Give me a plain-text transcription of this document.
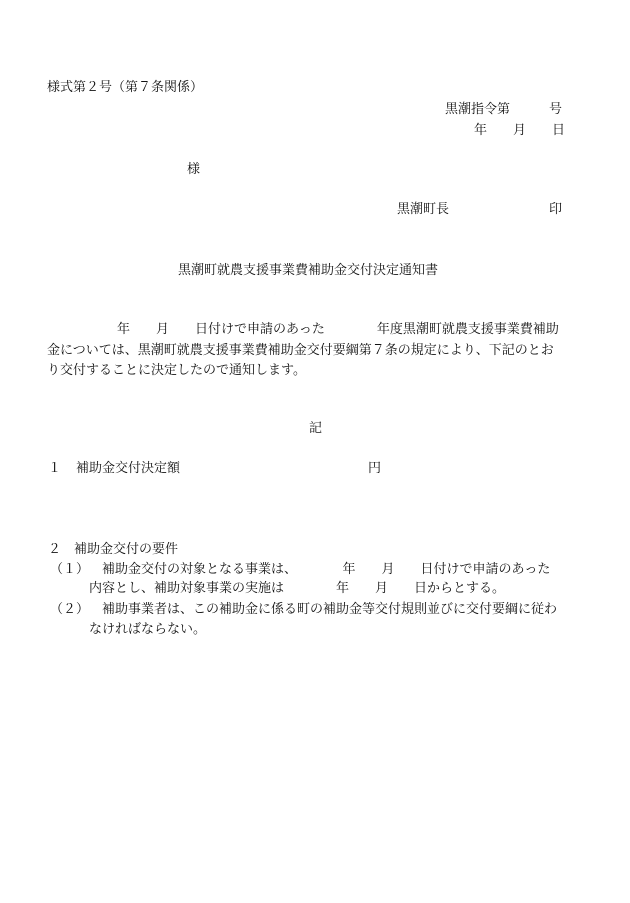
様式第２号（第７条関係）
黒潮指令第　　　号
年　　月　　日
様
黒潮町長	印
黒潮町就農支援事業費補助金交付決定通知書
年　　月　　日付けで申請のあった　　　　年度黒潮町就農支援事業費補助
金については、黒潮町就農支援事業費補助金交付要綱第７条の規定により、下記のとお
り交付することに決定したので通知します。
記
１ 補助金交付決定額	円
２　補助金交付の要件
（１） 補助金交付の対象となる事業は、　　　　年　　月　　日付けで申請のあった
内容とし、補助対象事業の実施は　　　　年　　月　　日からとする。
（２） 補助事業者は、この補助金に係る町の補助金等交付規則並びに交付要綱に従わ
なければならない。
